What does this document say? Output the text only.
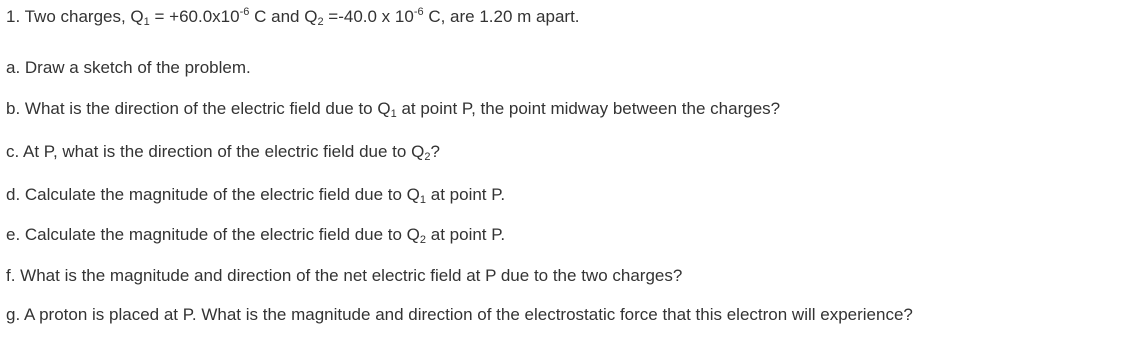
1. Two charges, $Q_1 = +60.0x10^{-6}$ C and $Q_2 =-40.0$ x $10^{-6}$ C, are 1.20 m apart.
a. Draw a sketch of the problem.
b. What is the direction of the electric field due to $Q_1$ at point P, the point midway between the charges?
c. At P, what is the direction of the electric field due to $Q_2$?
d. Calculate the magnitude of the electric field due to $Q_1$ at point P.
e. Calculate the magnitude of the electric field due to $Q_2$ at point P.
f. What is the magnitude and direction of the net electric field at P due to the two charges?
g. A proton is placed at P. What is the magnitude and direction of the electrostatic force that this electron will experience?
